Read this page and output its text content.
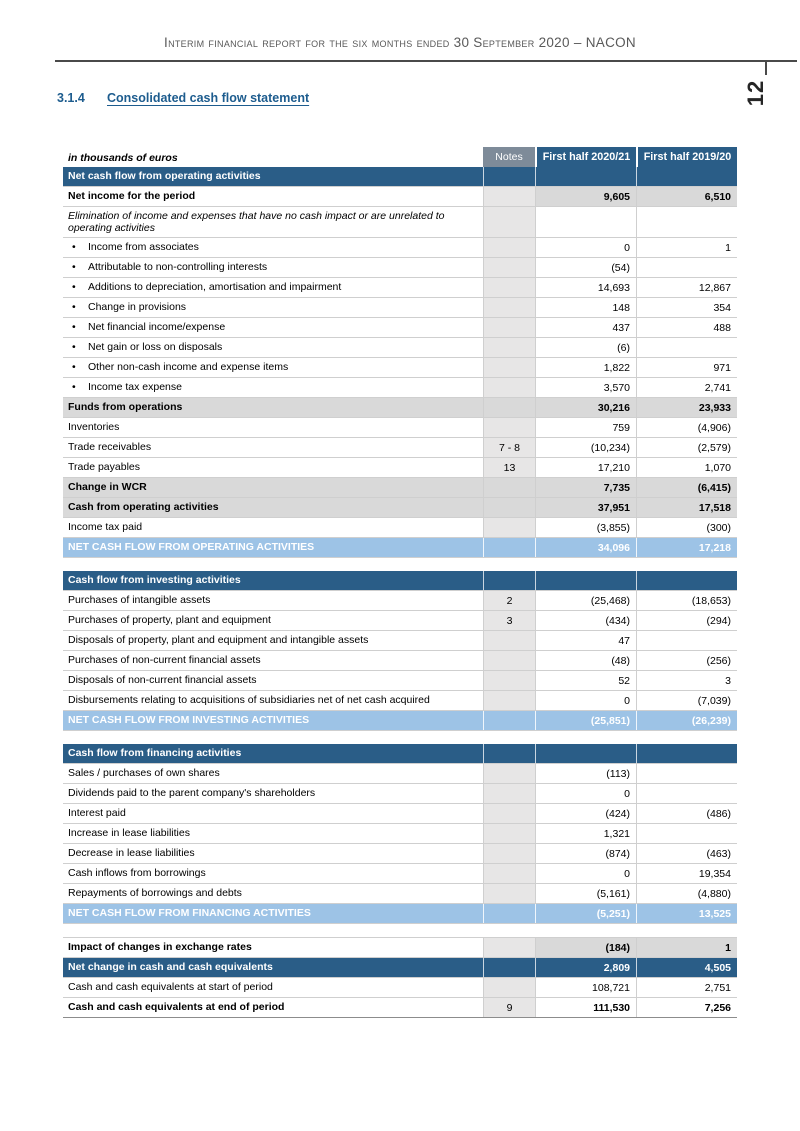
Interim financial report for the six months ended 30 September 2020 – NACON
12
3.1.4 Consolidated cash flow statement
in thousands of euros	Notes	First half 2020/21	First half 2019/20
Net cash flow from operating activities
Net income for the period	9,605	6,510
Elimination of income and expenses that have no cash impact or are unrelated to operating activities
•	Income from associates	0	1
•	Attributable to non-controlling interests	(54)
•	Additions to depreciation, amortisation and impairment	14,693	12,867
•	Change in provisions	148	354
•	Net financial income/expense	437	488
•	Net gain or loss on disposals	(6)
•	Other non-cash income and expense items	1,822	971
•	Income tax expense	3,570	2,741
Funds from operations	30,216	23,933
Inventories	759	(4,906)
Trade receivables	7 - 8	(10,234)	(2,579)
Trade payables	13	17,210	1,070
Change in WCR	7,735	(6,415)
Cash from operating activities	37,951	17,518
Income tax paid	(3,855)	(300)
NET CASH FLOW FROM OPERATING ACTIVITIES	34,096	17,218
Cash flow from investing activities
Purchases of intangible assets	2	(25,468)	(18,653)
Purchases of property, plant and equipment	3	(434)	(294)
Disposals of property, plant and equipment and intangible assets	47
Purchases of non-current financial assets	(48)	(256)
Disposals of non-current financial assets	52	3
Disbursements relating to acquisitions of subsidiaries net of net cash acquired	0	(7,039)
NET CASH FLOW FROM INVESTING ACTIVITIES	(25,851)	(26,239)
Cash flow from financing activities
Sales / purchases of own shares	(113)
Dividends paid to the parent company's shareholders	0
Interest paid	(424)	(486)
Increase in lease liabilities	1,321
Decrease in lease liabilities	(874)	(463)
Cash inflows from borrowings	0	19,354
Repayments of borrowings and debts	(5,161)	(4,880)
NET CASH FLOW FROM FINANCING ACTIVITIES	(5,251)	13,525
Impact of changes in exchange rates	(184)	1
Net change in cash and cash equivalents	2,809	4,505
Cash and cash equivalents at start of period	108,721	2,751
Cash and cash equivalents at end of period	9	111,530	7,256
